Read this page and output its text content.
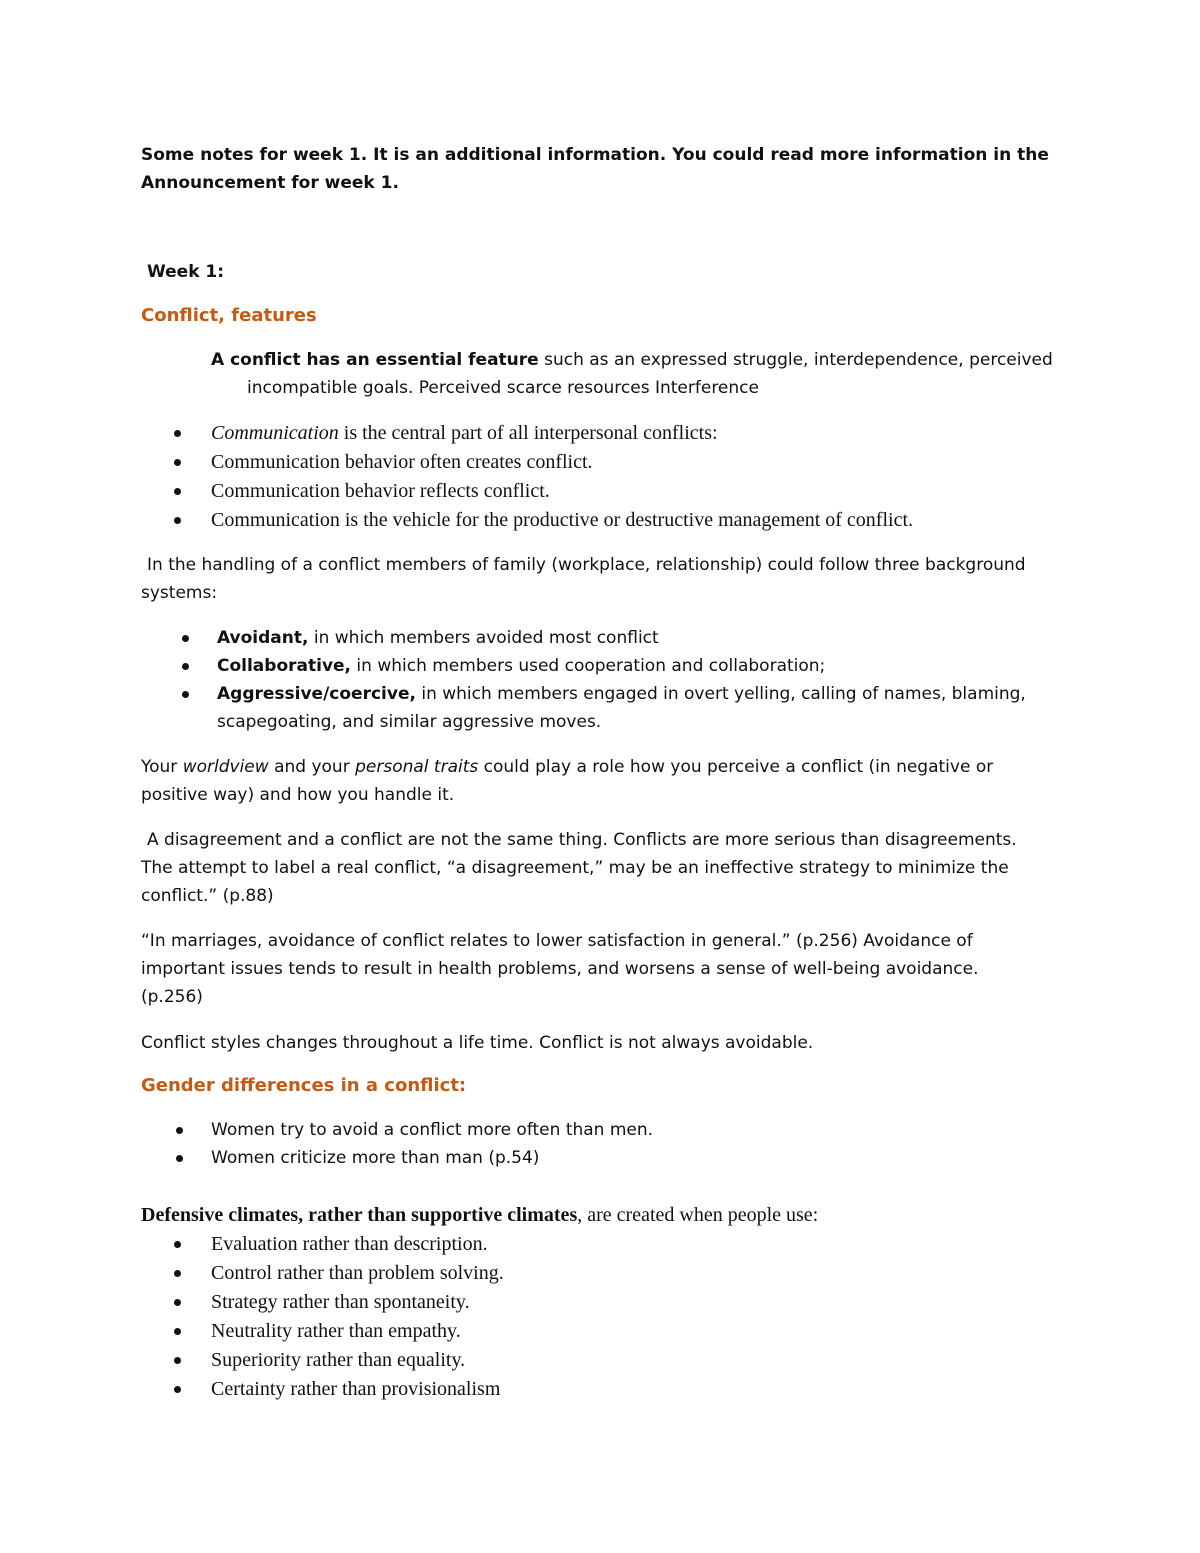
Some notes for week 1. It is an additional information. You could read more information in the
Announcement for week 1.
Week 1:
Conflict, features
A conflict has an essential feature such as an expressed struggle, interdependence, perceived
incompatible goals. Perceived scarce resources Interference
Communication is the central part of all interpersonal conflicts:
Communication behavior often creates conflict.
Communication behavior reflects conflict.
Communication is the vehicle for the productive or destructive management of conflict.
In the handling of a conflict members of family (workplace, relationship) could follow three background
systems:
Avoidant, in which members avoided most conflict
Collaborative, in which members used cooperation and collaboration;
Aggressive/coercive, in which members engaged in overt yelling, calling of names, blaming,
scapegoating, and similar aggressive moves.
Your worldview and your personal traits could play a role how you perceive a conflict (in negative or
positive way) and how you handle it.
A disagreement and a conflict are not the same thing. Conflicts are more serious than disagreements.
The attempt to label a real conflict, “a disagreement,” may be an ineffective strategy to minimize the
conflict.” (p.88)
“In marriages, avoidance of conflict relates to lower satisfaction in general.” (p.256) Avoidance of
important issues tends to result in health problems, and worsens a sense of well-being avoidance.
(p.256)
Conflict styles changes throughout a life time. Conflict is not always avoidable.
Gender differences in a conflict:
Women try to avoid a conflict more often than men.
Women criticize more than man (p.54)
Defensive climates, rather than supportive climates, are created when people use:
Evaluation rather than description.
Control rather than problem solving.
Strategy rather than spontaneity.
Neutrality rather than empathy.
Superiority rather than equality.
Certainty rather than provisionalism
